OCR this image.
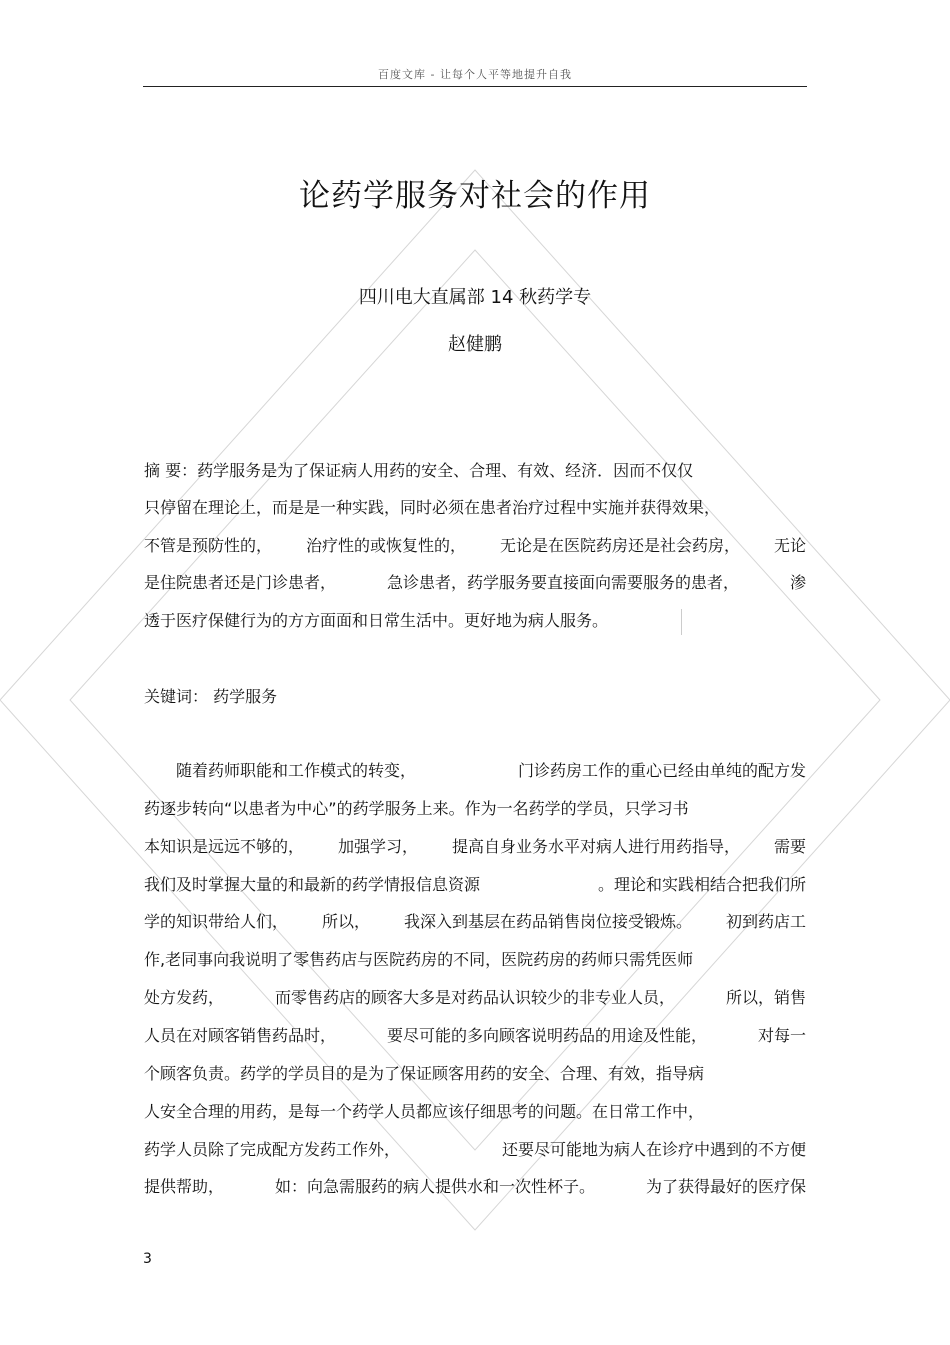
百度文库 - 让每个人平等地提升自我
论药学服务对社会的作用
四川电大直属部 14 秋药学专
赵健鹏
摘 要：药学服务是为了保证病人用药的安全、合理、有效、经济．因而不仅仅
只停留在理论上，而是是一种实践，同时必须在患者治疗过程中实施并获得效果，
不管是预防性的， 治疗性的或恢复性的， 无论是在医院药房还是社会药房， 无论
是住院患者还是门诊患者，	急诊患者，药学服务要直接面向需要服务的患者，	渗
透于医疗保健行为的方方面面和日常生活中。更好地为病人服务。
关键词： 药学服务
　　随着药师职能和工作模式的转变，	门诊药房工作的重心已经由单纯的配方发
药逐步转向“以患者为中心”的药学服务上来。作为一名药学的学员，只学习书
本知识是远远不够的， 加强学习， 提高自身业务水平对病人进行用药指导， 需要
我们及时掌握大量的和最新的药学情报信息资源	。理论和实践相结合把我们所
学的知识带给人们， 所以， 我深入到基层在药品销售岗位接受锻炼。 初到药店工
作,老同事向我说明了零售药店与医院药房的不同，医院药房的药师只需凭医师
处方发药，	而零售药店的顾客大多是对药品认识较少的非专业人员，	所以，销售
人员在对顾客销售药品时，	要尽可能的多向顾客说明药品的用途及性能，	对每一
个顾客负责。药学的学员目的是为了保证顾客用药的安全、合理、有效，指导病
人安全合理的用药，是每一个药学人员都应该仔细思考的问题。在日常工作中，
药学人员除了完成配方发药工作外，	还要尽可能地为病人在诊疗中遇到的不方便
提供帮助，	如：向急需服药的病人提供水和一次性杯子。	为了获得最好的医疗保
3
